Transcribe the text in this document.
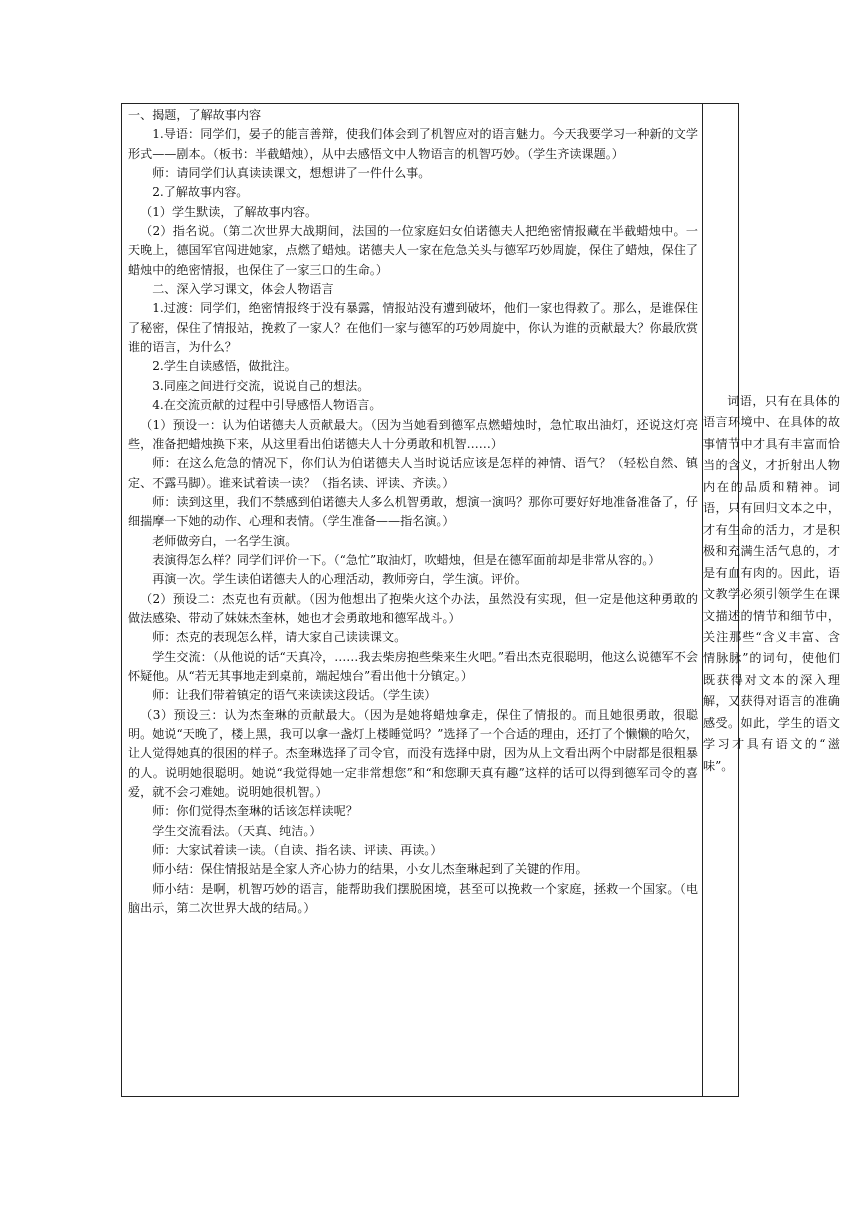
一、揭题，了解故事内容

1.导语：同学们，晏子的能言善辩，使我们体会到了机智应对的语言魅力。今天我要学习一种新的文学形式——剧本。（板书：半截蜡烛），从中去感悟文中人物语言的机智巧妙。（学生齐读课题。）

师：请同学们认真读读课文，想想讲了一件什么事。

2.了解故事内容。

（1）学生默读，了解故事内容。

（2）指名说。（第二次世界大战期间，法国的一位家庭妇女伯诺德夫人把绝密情报藏在半截蜡烛中。一天晚上，德国军官闯进她家，点燃了蜡烛。诺德夫人一家在危急关头与德军巧妙周旋，保住了蜡烛，保住了蜡烛中的绝密情报，也保住了一家三口的生命。）

二、深入学习课文，体会人物语言

1.过渡：同学们，绝密情报终于没有暴露，情报站没有遭到破坏，他们一家也得救了。那么，是谁保住了秘密，保住了情报站，挽救了一家人？在他们一家与德军的巧妙周旋中，你认为谁的贡献最大？你最欣赏谁的语言，为什么？

2.学生自读感悟，做批注。

3.同座之间进行交流，说说自己的想法。

4.在交流贡献的过程中引导感悟人物语言。

（1）预设一：认为伯诺德夫人贡献最大。（因为当她看到德军点燃蜡烛时，急忙取出油灯，还说这灯亮些，准备把蜡烛换下来，从这里看出伯诺德夫人十分勇敢和机智……）

师：在这么危急的情况下，你们认为伯诺德夫人当时说话应该是怎样的神情、语气？（轻松自然、镇定、不露马脚）。谁来试着读一读？（指名读、评读、齐读。）

师：读到这里，我们不禁感到伯诺德夫人多么机智勇敢，想演一演吗？那你可要好好地准备准备了，仔细揣摩一下她的动作、心理和表情。（学生准备——指名演。）

老师做旁白，一名学生演。

表演得怎么样？同学们评价一下。（“急忙”取油灯，吹蜡烛，但是在德军面前却是非常从容的。）

再演一次。学生读伯诺德夫人的心理活动，教师旁白，学生演。评价。

（2）预设二：杰克也有贡献。（因为他想出了抱柴火这个办法，虽然没有实现，但一定是他这种勇敢的做法感染、带动了妹妹杰奎林，她也才会勇敢地和德军战斗。）

师：杰克的表现怎么样，请大家自己读读课文。

学生交流：（从他说的话“天真冷，……我去柴房抱些柴来生火吧。”看出杰克很聪明，他这么说德军不会怀疑他。从“若无其事地走到桌前，端起烛台”看出他十分镇定。）

师：让我们带着镇定的语气来读读这段话。（学生读）

（3）预设三：认为杰奎琳的贡献最大。（因为是她将蜡烛拿走，保住了情报的。而且她很勇敢，很聪明。她说“天晚了，楼上黑，我可以拿一盏灯上楼睡觉吗？”选择了一个合适的理由，还打了个懒懒的哈欠，让人觉得她真的很困的样子。杰奎琳选择了司令官，而没有选择中尉，因为从上文看出两个中尉都是很粗暴的人。说明她很聪明。她说“我觉得她一定非常想您”和“和您聊天真有趣”这样的话可以得到德军司令的喜爱，就不会刁难她。说明她很机智。）

师：你们觉得杰奎琳的话该怎样读呢？

学生交流看法。（天真、纯洁。）

师：大家试着读一读。（自读、指名读、评读、再读。）

师小结：保住情报站是全家人齐心协力的结果，小女儿杰奎琳起到了关键的作用。

师小结：是啊，机智巧妙的语言，能帮助我们摆脱困境，甚至可以挽救一个家庭，拯救一个国家。（电脑出示，第二次世界大战的结局。）

词语，只有在具体的语言环境中、在具体的故事情节中才具有丰富而恰当的含义，才折射出人物内在的品质和精神。词语，只有回归文本之中，才有生命的活力，才是积极和充满生活气息的，才是有血有肉的。因此，语文教学必须引领学生在课文描述的情节和细节中，关注那些“含义丰富、含情脉脉”的词句，使他们既获得对文本的深入理解，又获得对语言的准确感受。如此，学生的语文学习才具有语文的“滋味”。
